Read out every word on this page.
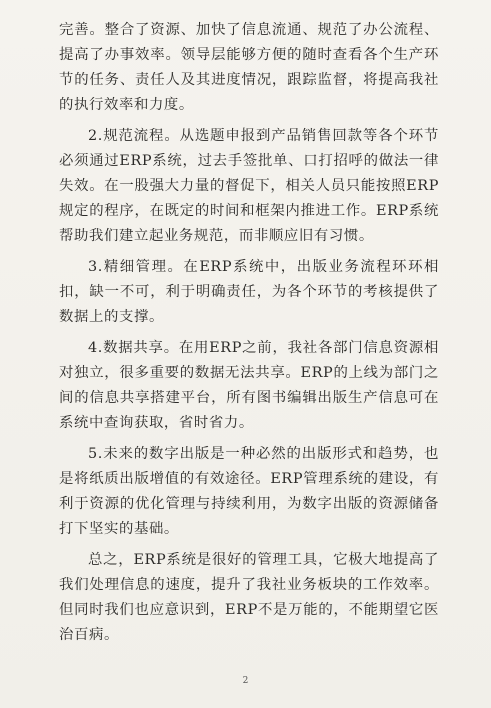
完善。整合了资源、加快了信息流通、规范了办公流程、提高了办事效率。领导层能够方便的随时查看各个生产环节的任务、责任人及其进度情况，跟踪监督，将提高我社的执行效率和力度。

2.规范流程。从选题申报到产品销售回款等各个环节必须通过ERP系统，过去手签批单、口打招呼的做法一律失效。在一股强大力量的督促下，相关人员只能按照ERP规定的程序，在既定的时间和框架内推进工作。ERP系统帮助我们建立起业务规范，而非顺应旧有习惯。

3.精细管理。在ERP系统中，出版业务流程环环相扣，缺一不可，利于明确责任，为各个环节的考核提供了数据上的支撑。

4.数据共享。在用ERP之前，我社各部门信息资源相对独立，很多重要的数据无法共享。ERP的上线为部门之间的信息共享搭建平台，所有图书编辑出版生产信息可在系统中查询获取，省时省力。

5.未来的数字出版是一种必然的出版形式和趋势，也是将纸质出版增值的有效途径。ERP管理系统的建设，有利于资源的优化管理与持续利用，为数字出版的资源储备打下坚实的基础。

总之，ERP系统是很好的管理工具，它极大地提高了我们处理信息的速度，提升了我社业务板块的工作效率。但同时我们也应意识到，ERP不是万能的，不能期望它医治百病。

2
